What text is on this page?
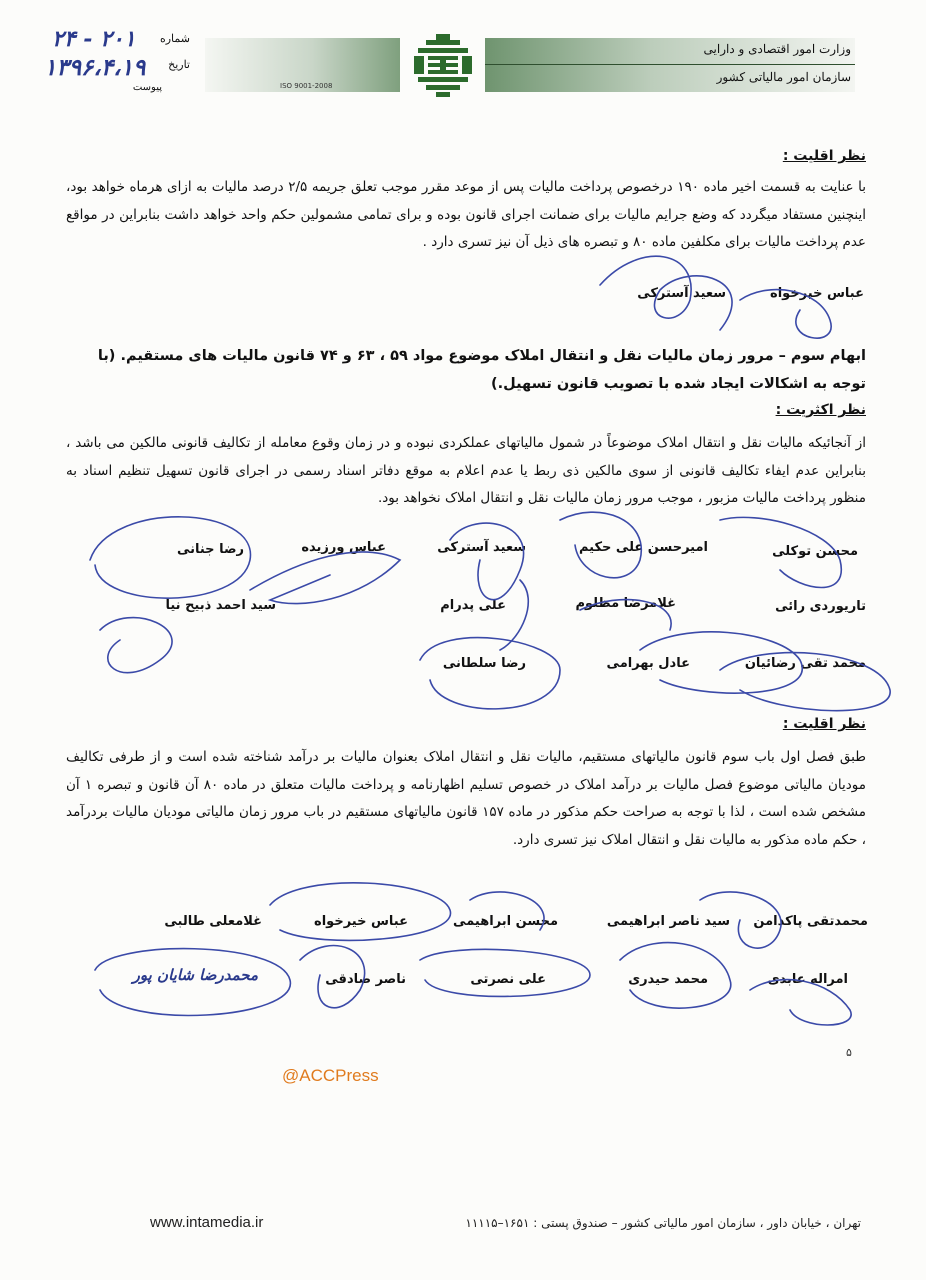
شماره
۲۰۱ - ۲۴
تاریخ
۱۳۹۶،۴،۱۹
پیوست	ISO 9001-2008
وزارت امور اقتصادی و دارایی
سازمان امور مالیاتی کشور
نظر اقلیت :
با عنایت به قسمت اخیر ماده ۱۹۰ درخصوص پرداخت مالیات پس از موعد مقرر موجب تعلق جریمه ۲/۵ درصد مالیات به ازای هرماه خواهد بود، اینچنین مستفاد میگردد که وضع جرایم مالیات برای ضمانت اجرای قانون بوده و برای تمامی مشمولین حکم واحد خواهد داشت بنابراین در مواقع عدم پرداخت مالیات برای مکلفین ماده ۸۰ و تبصره های ذیل آن نیز تسری دارد .
عباس خیرخواه
سعید آسترکی
ابهام سوم – مرور زمان مالیات نقل و انتقال املاک موضوع مواد ۵۹ ، ۶۳ و ۷۴ قانون مالیات های مستقیم. (با توجه به اشکالات ایجاد شده با تصویب قانون تسهیل.)
نظر اکثریت :
از آنجائیکه مالیات نقل و انتقال املاک موضوعاً در شمول مالیاتهای عملکردی نبوده و در زمان وقوع معامله از تکالیف قانونی مالکین می باشد ، بنابراین عدم ایفاء تکالیف قانونی از سوی مالکین ذی ربط یا عدم اعلام به موقع دفاتر اسناد رسمی در اجرای قانون تسهیل تنظیم اسناد به منظور پرداخت مالیات مزبور ، موجب مرور زمان مالیات نقل و انتقال املاک نخواهد بود.
محسن توکلی
امیرحسن علی حکیم
سعید آسترکی
عباس ورزیده
رضا جنانی
تاریوردی رائی
غلامرضا مظلوم
علی پدرام
سید احمد ذبیح نیا
محمد تقی رضائیان
عادل بهرامی
رضا سلطانی
نظر اقلیت :
طبق فصل اول باب سوم قانون مالیاتهای مستقیم، مالیات نقل و انتقال املاک بعنوان مالیات بر درآمد شناخته شده است و از طرفی تکالیف مودیان مالیاتی موضوع فصل مالیات بر درآمد املاک در خصوص تسلیم اظهارنامه و پرداخت مالیات متعلق در ماده ۸۰ آن قانون و تبصره ۱ آن مشخص شده است ، لذا با توجه به صراحت حکم مذکور در ماده ۱۵۷ قانون مالیاتهای مستقیم در باب مرور زمان مالیاتی مودیان مالیات بردرآمد ، حکم ماده مذکور به مالیات نقل و انتقال املاک نیز تسری دارد.
محمدتقی پاکدامن
سید ناصر ابراهیمی
محسن ابراهیمی
عباس خیرخواه
غلامعلی طالبی
امراله عابدی
محمد حیدری
علی نصرتی
ناصر صادقی
محمدرضا شایان پور
۵
@ACCPress
www.intamedia.ir	تهران ، خیابان داور ، سازمان امور مالیاتی کشور – صندوق پستی : ۱۶۵۱–۱۱۱۱۵
